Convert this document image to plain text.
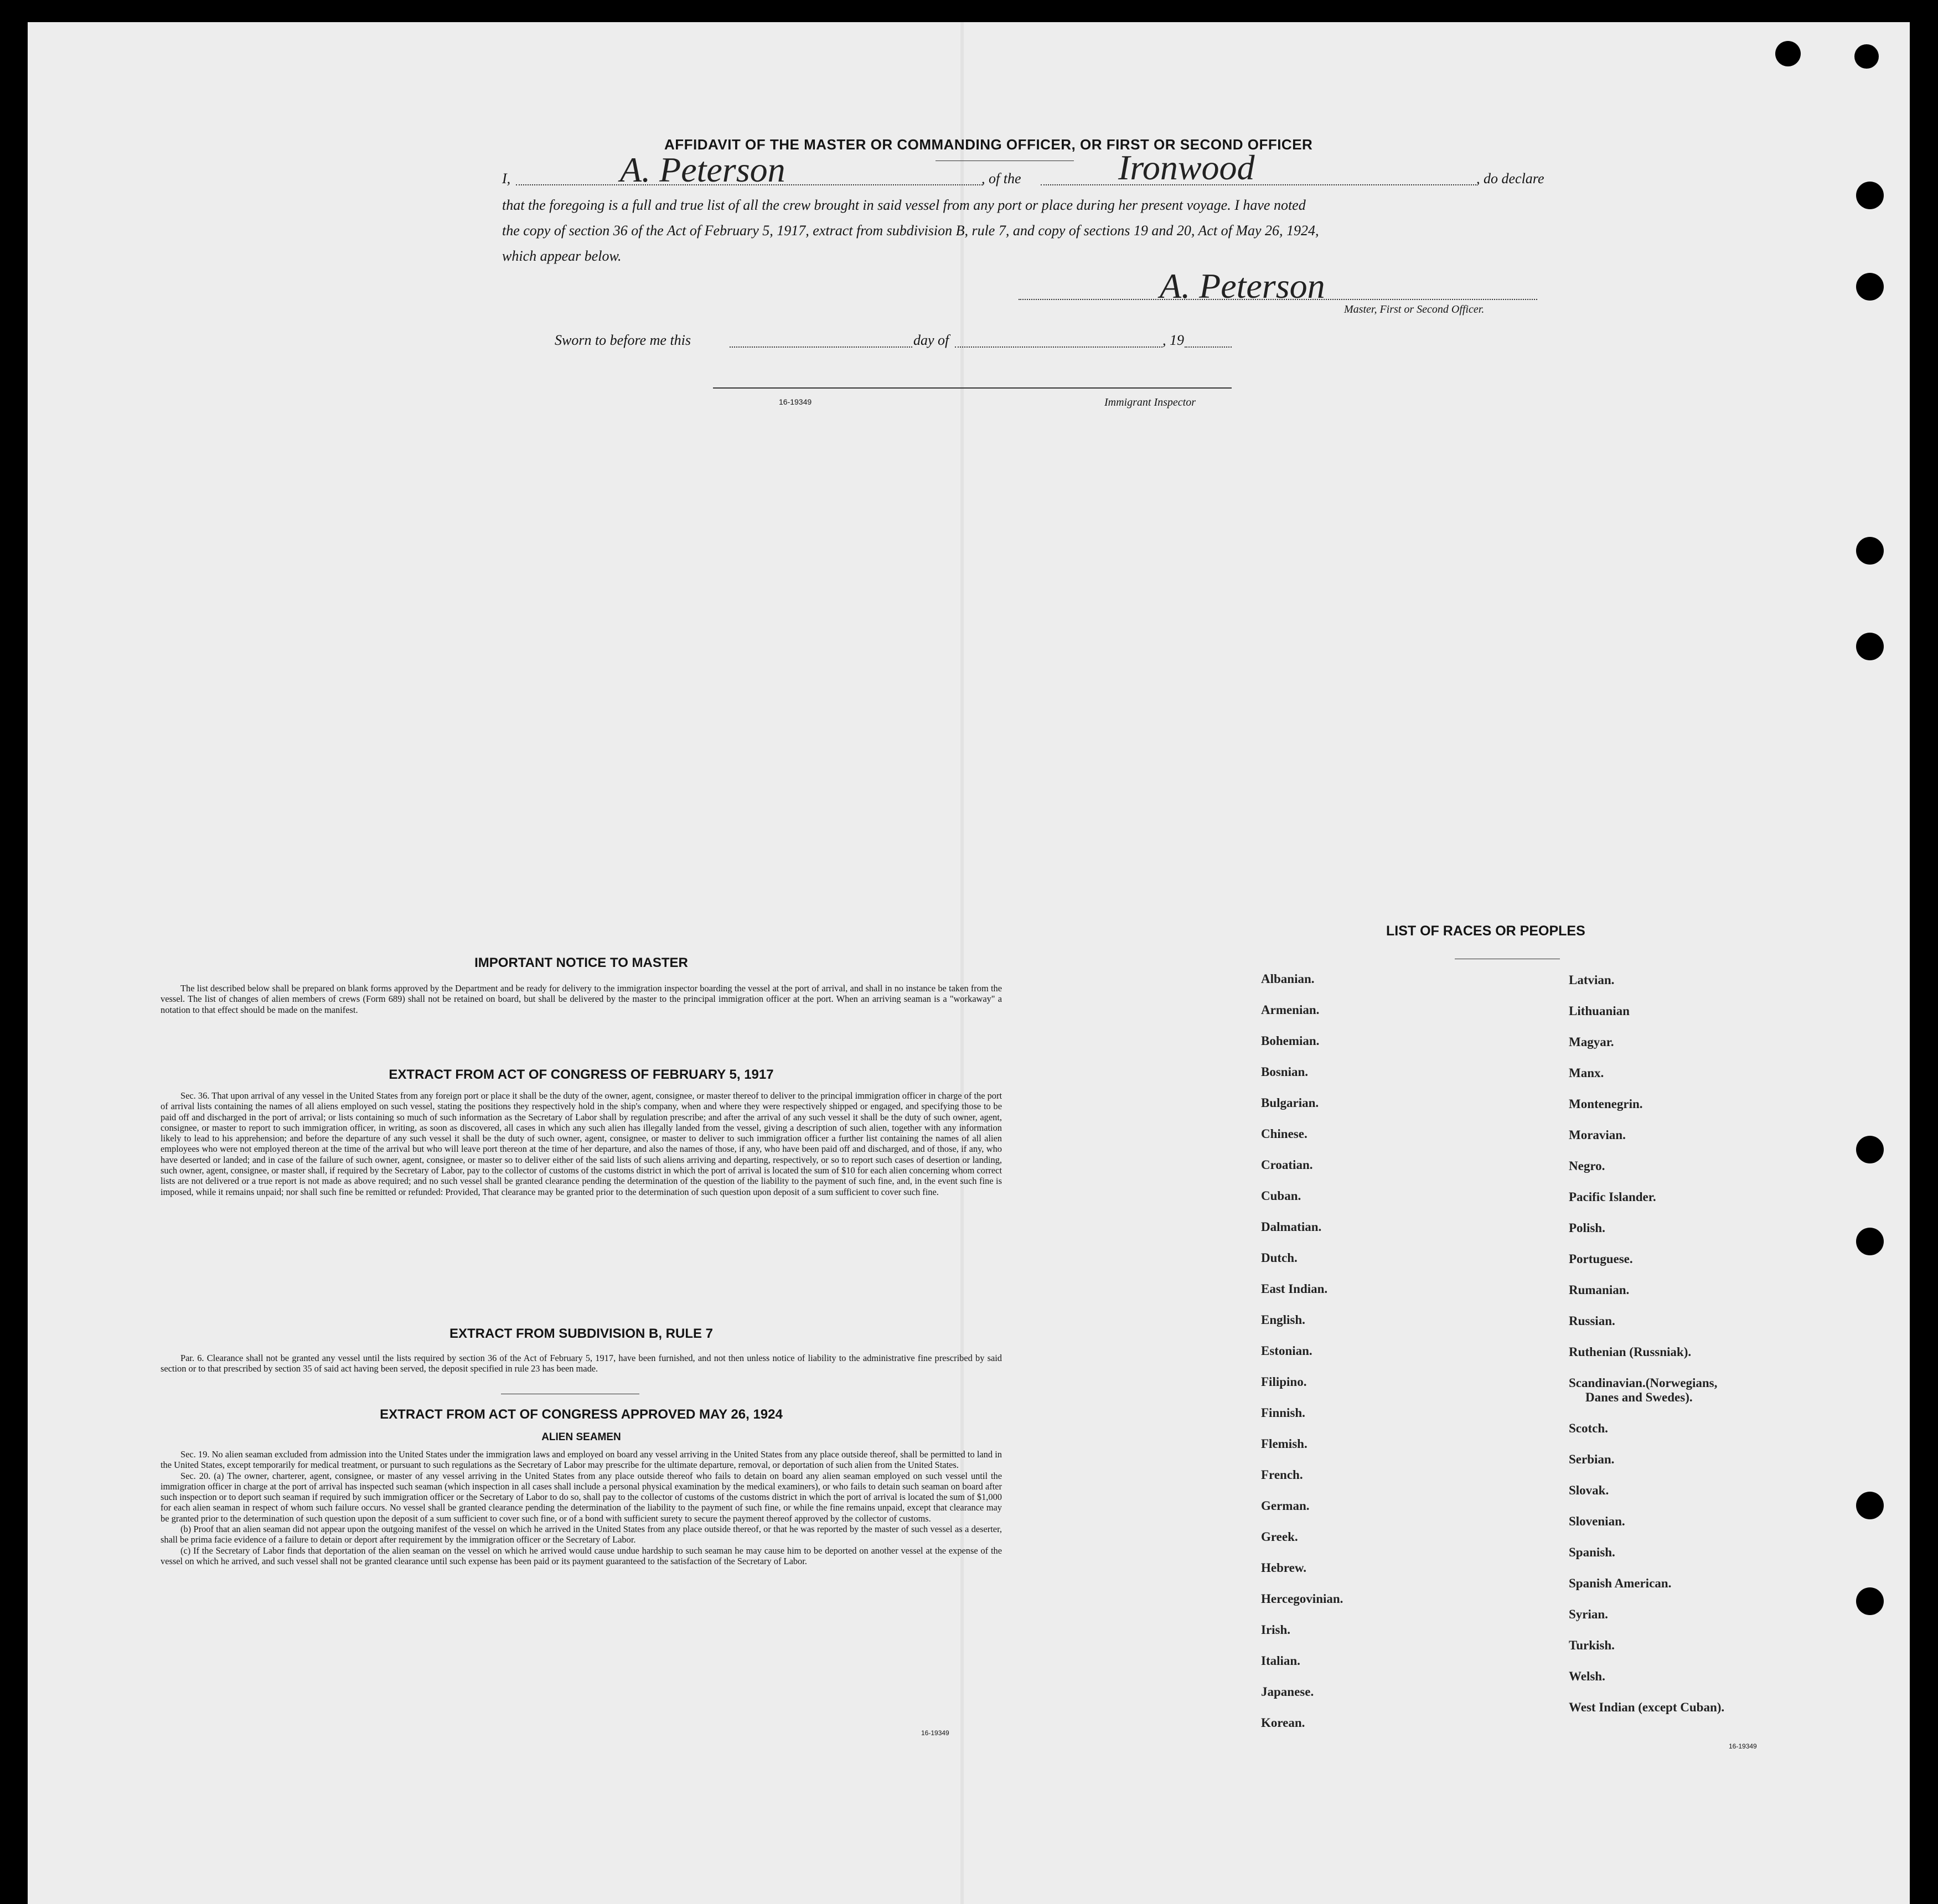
AFFIDAVIT OF THE MASTER OR COMMANDING OFFICER, OR FIRST OR SECOND OFFICER
I,	A. Peterson	, of the	Ironwood	, do declare
that the foregoing is a full and true list of all the crew brought in said vessel from any port or place during her present voyage. I have noted
the copy of section 36 of the Act of February 5, 1917, extract from subdivision B, rule 7, and copy of sections 19 and 20, Act of May 26, 1924,
which appear below.
A. Peterson
Master, First or Second Officer.
Sworn to before me this	day of	, 19
16-19349	Immigrant Inspector
IMPORTANT NOTICE TO MASTER

The list described below shall be prepared on blank forms approved by the Department and be ready for delivery to the immigration inspector boarding the vessel at the port of arrival, and shall in no instance be taken from the vessel. The list of changes of alien members of crews (Form 689) shall not be retained on board, but shall be delivered by the master to the principal immigration officer at the port. When an arriving seaman is a "workaway" a notation to that effect should be made on the manifest.

EXTRACT FROM ACT OF CONGRESS OF FEBRUARY 5, 1917

Sec. 36. That upon arrival of any vessel in the United States from any foreign port or place it shall be the duty of the owner, agent, consignee, or master thereof to deliver to the principal immigration officer in charge of the port of arrival lists containing the names of all aliens employed on such vessel, stating the positions they respectively hold in the ship's company, when and where they were respectively shipped or engaged, and specifying those to be paid off and discharged in the port of arrival; or lists containing so much of such information as the Secretary of Labor shall by regulation prescribe; and after the arrival of any such vessel it shall be the duty of such owner, agent, consignee, or master to report to such immigration officer, in writing, as soon as discovered, all cases in which any such alien has illegally landed from the vessel, giving a description of such alien, together with any information likely to lead to his apprehension; and before the departure of any such vessel it shall be the duty of such owner, agent, consignee, or master to deliver to such immigration officer a further list containing the names of all alien employees who were not employed thereon at the time of the arrival but who will leave port thereon at the time of her departure, and also the names of those, if any, who have been paid off and discharged, and of those, if any, who have deserted or landed; and in case of the failure of such owner, agent, consignee, or master so to deliver either of the said lists of such aliens arriving and departing, respectively, or so to report such cases of desertion or landing, such owner, agent, consignee, or master shall, if required by the Secretary of Labor, pay to the collector of customs of the customs district in which the port of arrival is located the sum of $10 for each alien concerning whom correct lists are not delivered or a true report is not made as above required; and no such vessel shall be granted clearance pending the determination of the question of the liability to the payment of such fine, and, in the event such fine is imposed, while it remains unpaid; nor shall such fine be remitted or refunded: Provided, That clearance may be granted prior to the determination of such question upon deposit of a sum sufficient to cover such fine.

EXTRACT FROM SUBDIVISION B, RULE 7

Par. 6. Clearance shall not be granted any vessel until the lists required by section 36 of the Act of February 5, 1917, have been furnished, and not then unless notice of liability to the administrative fine prescribed by said section or to that prescribed by section 35 of said act having been served, the deposit specified in rule 23 has been made.

EXTRACT FROM ACT OF CONGRESS APPROVED MAY 26, 1924
ALIEN SEAMEN

Sec. 19. No alien seaman excluded from admission into the United States under the immigration laws and employed on board any vessel arriving in the United States from any place outside thereof, shall be permitted to land in the United States, except temporarily for medical treatment, or pursuant to such regulations as the Secretary of Labor may prescribe for the ultimate departure, removal, or deportation of such alien from the United States.

Sec. 20. (a) The owner, charterer, agent, consignee, or master of any vessel arriving in the United States from any place outside thereof who fails to detain on board any alien seaman employed on such vessel until the immigration officer in charge at the port of arrival has inspected such seaman (which inspection in all cases shall include a personal physical examination by the medical examiners), or who fails to detain such seaman on board after such inspection or to deport such seaman if required by such immigration officer or the Secretary of Labor to do so, shall pay to the collector of customs of the customs district in which the port of arrival is located the sum of $1,000 for each alien seaman in respect of whom such failure occurs. No vessel shall be granted clearance pending the determination of the liability to the payment of such fine, or while the fine remains unpaid, except that clearance may be granted prior to the determination of such question upon the deposit of a sum sufficient to cover such fine, or of a bond with sufficient surety to secure the payment thereof approved by the collector of customs.

(b) Proof that an alien seaman did not appear upon the outgoing manifest of the vessel on which he arrived in the United States from any place outside thereof, or that he was reported by the master of such vessel as a deserter, shall be prima facie evidence of a failure to detain or deport after requirement by the immigration officer or the Secretary of Labor.

(c) If the Secretary of Labor finds that deportation of the alien seaman on the vessel on which he arrived would cause undue hardship to such seaman he may cause him to be deported on another vessel at the expense of the vessel on which he arrived, and such vessel shall not be granted clearance until such expense has been paid or its payment guaranteed to the satisfaction of the Secretary of Labor.

16-19349
LIST OF RACES OR PEOPLES
Albanian.
Armenian.
Bohemian.
Bosnian.
Bulgarian.
Chinese.
Croatian.
Cuban.
Dalmatian.
Dutch.
East Indian.
English.
Estonian.
Filipino.
Finnish.
Flemish.
French.
German.
Greek.
Hebrew.
Hercegovinian.
Irish.
Italian.
Japanese.
Korean.
Latvian.
Lithuanian
Magyar.
Manx.
Montenegrin.
Moravian.
Negro.
Pacific Islander.
Polish.
Portuguese.
Rumanian.
Russian.
Ruthenian (Russniak).
Scandinavian.(Norwegians,
Danes and Swedes).
Scotch.
Serbian.
Slovak.
Slovenian.
Spanish.
Spanish American.
Syrian.
Turkish.
Welsh.
West Indian (except Cuban).
16-19349
